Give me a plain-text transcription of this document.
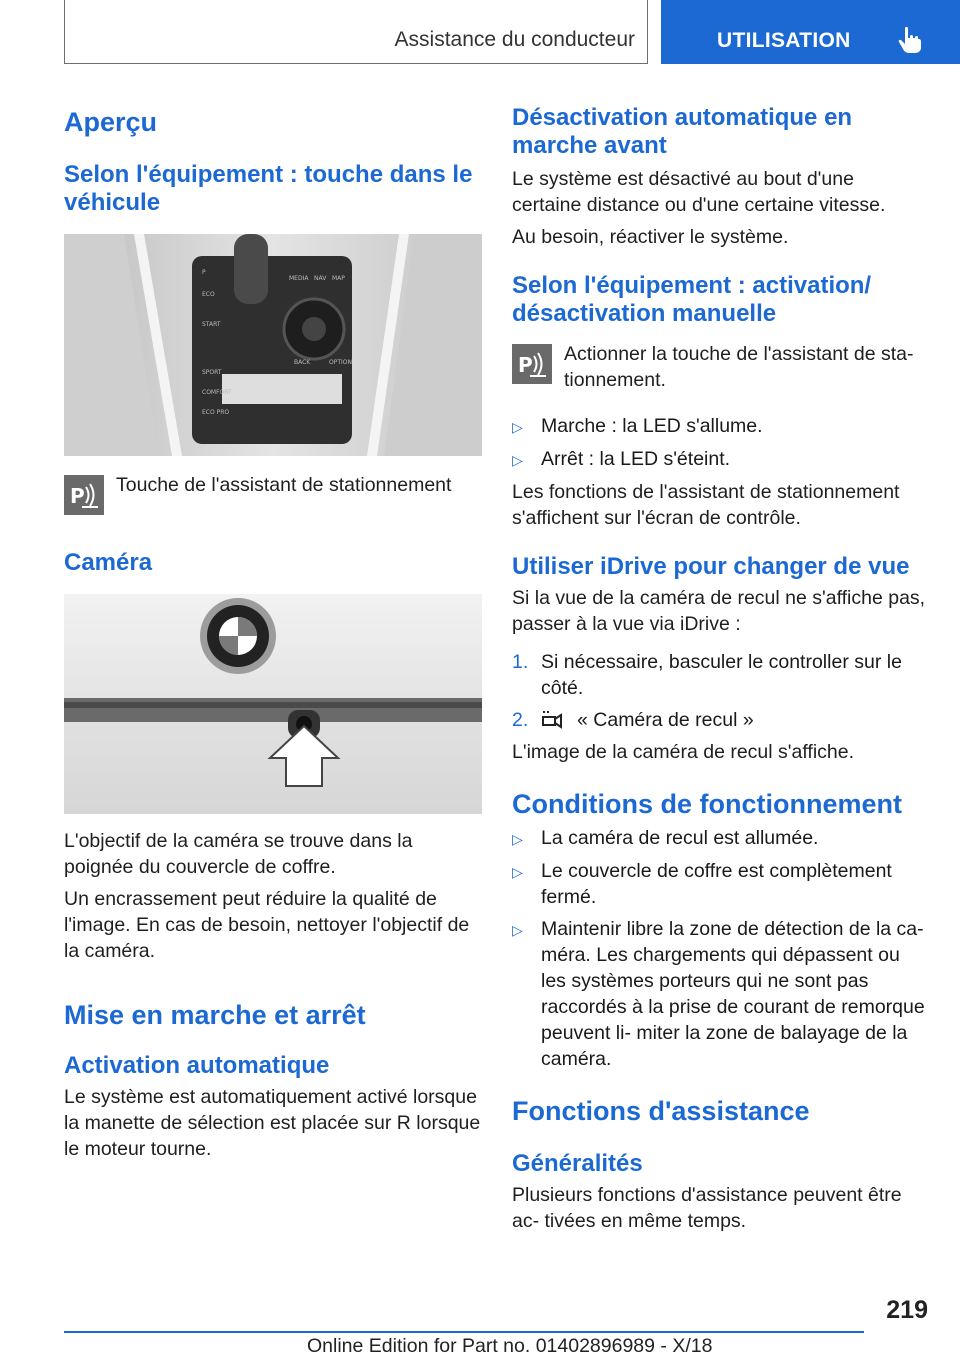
Assistance du conducteur	UTILISATION
Aperçu
Selon l'équipement : touche dans le véhicule
P
ECO
START
SPORT
COMFORT
ECO PRO
MEDIA NAV MAP
BACK	OPTION
P Touche de l'assistant de stationnement

Caméra

L'objectif de la caméra se trouve dans la poignée du couvercle de coffre.

Un encrassement peut réduire la qualité de l'image. En cas de besoin, nettoyer l'objectif de la caméra.

Mise en marche et arrêt
Activation automatique

Le système est automatiquement activé lorsque la manette de sélection est placée sur R lorsque le moteur tourne.

Désactivation automatique en marche avant

Le système est désactivé au bout d'une certaine distance ou d'une certaine vitesse.

Au besoin, réactiver le système.

Selon l'équipement : activation/ désactivation manuelle
P Actionner la touche de l'assistant de sta- tionnement.

▷ Marche : la LED s'allume.
▷ Arrêt : la LED s'éteint.

Les fonctions de l'assistant de stationnement s'affichent sur l'écran de contrôle.

Utiliser iDrive pour changer de vue

Si la vue de la caméra de recul ne s'affiche pas, passer à la vue via iDrive :

1. Si nécessaire, basculer le controller sur le côté.
2.	« Caméra de recul »

L'image de la caméra de recul s'affiche.

Conditions de fonctionnement
▷ La caméra de recul est allumée.
▷ Le couvercle de coffre est complètement fermé.
▷ Maintenir libre la zone de détection de la ca- méra. Les chargements qui dépassent ou les systèmes porteurs qui ne sont pas raccordés à la prise de courant de remorque peuvent li- miter la zone de balayage de la caméra.
Fonctions d'assistance
Généralités

Plusieurs fonctions d'assistance peuvent être ac- tivées en même temps.

219
Online Edition for Part no. 01402896989 - X/18
